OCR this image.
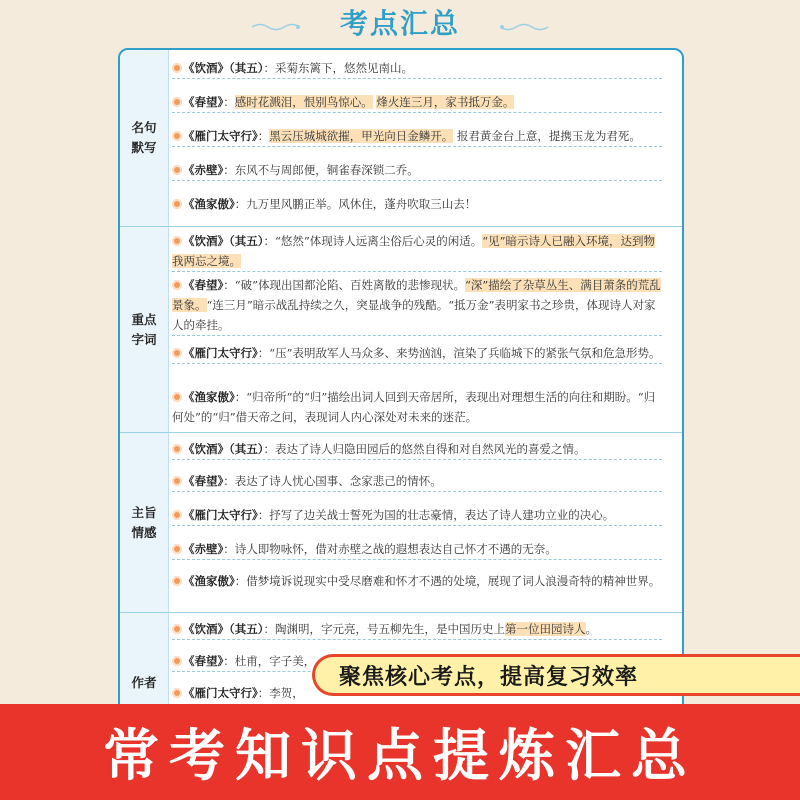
考点汇总
名句
默写
《饮酒》（其五）：采菊东篱下，悠然见南山。
《春望》：感时花溅泪，恨别鸟惊心。 烽火连三月，家书抵万金。
《雁门太守行》：黑云压城城欲摧，甲光向日金鳞开。 报君黄金台上意，提携玉龙为君死。
《赤壁》：东风不与周郎便，铜雀春深锁二乔。
《渔家傲》：九万里风鹏正举。风休住，蓬舟吹取三山去！
重点
字词
《饮酒》（其五）：“悠然”体现诗人远离尘俗后心灵的闲适。“见”暗示诗人已融入环境，达到物我两忘之境。
《春望》：“破”体现出国都沦陷、百姓离散的悲惨现状。“深”描绘了杂草丛生、满目萧条的荒乱景象。“连三月”暗示战乱持续之久，突显战争的残酷。“抵万金”表明家书之珍贵，体现诗人对家人的牵挂。
《雁门太守行》：“压”表明敌军人马众多、来势汹汹，渲染了兵临城下的紧张气氛和危急形势。
《渔家傲》：“归帝所”的“归”描绘出词人回到天帝居所，表现出对理想生活的向往和期盼。“归何处”的“归”借天帝之问，表现词人内心深处对未来的迷茫。
主旨
情感
《饮酒》（其五）：表达了诗人归隐田园后的悠然自得和对自然风光的喜爱之情。
《春望》：表达了诗人忧心国事、念家悲己的情怀。
《雁门太守行》：抒写了边关战士誓死为国的壮志豪情，表达了诗人建功立业的决心。
《赤壁》：诗人即物咏怀，借对赤壁之战的遐想表达自己怀才不遇的无奈。
《渔家傲》：借梦境诉说现实中受尽磨难和怀才不遇的处境，展现了词人浪漫奇特的精神世界。
作者
《饮酒》（其五）：陶渊明，字元亮，号五柳先生，是中国历史上第一位田园诗人。
《春望》：杜甫，字子美，
《雁门太守行》：李贺，
聚焦核心考点，提高复习效率
常考知识点提炼汇总
